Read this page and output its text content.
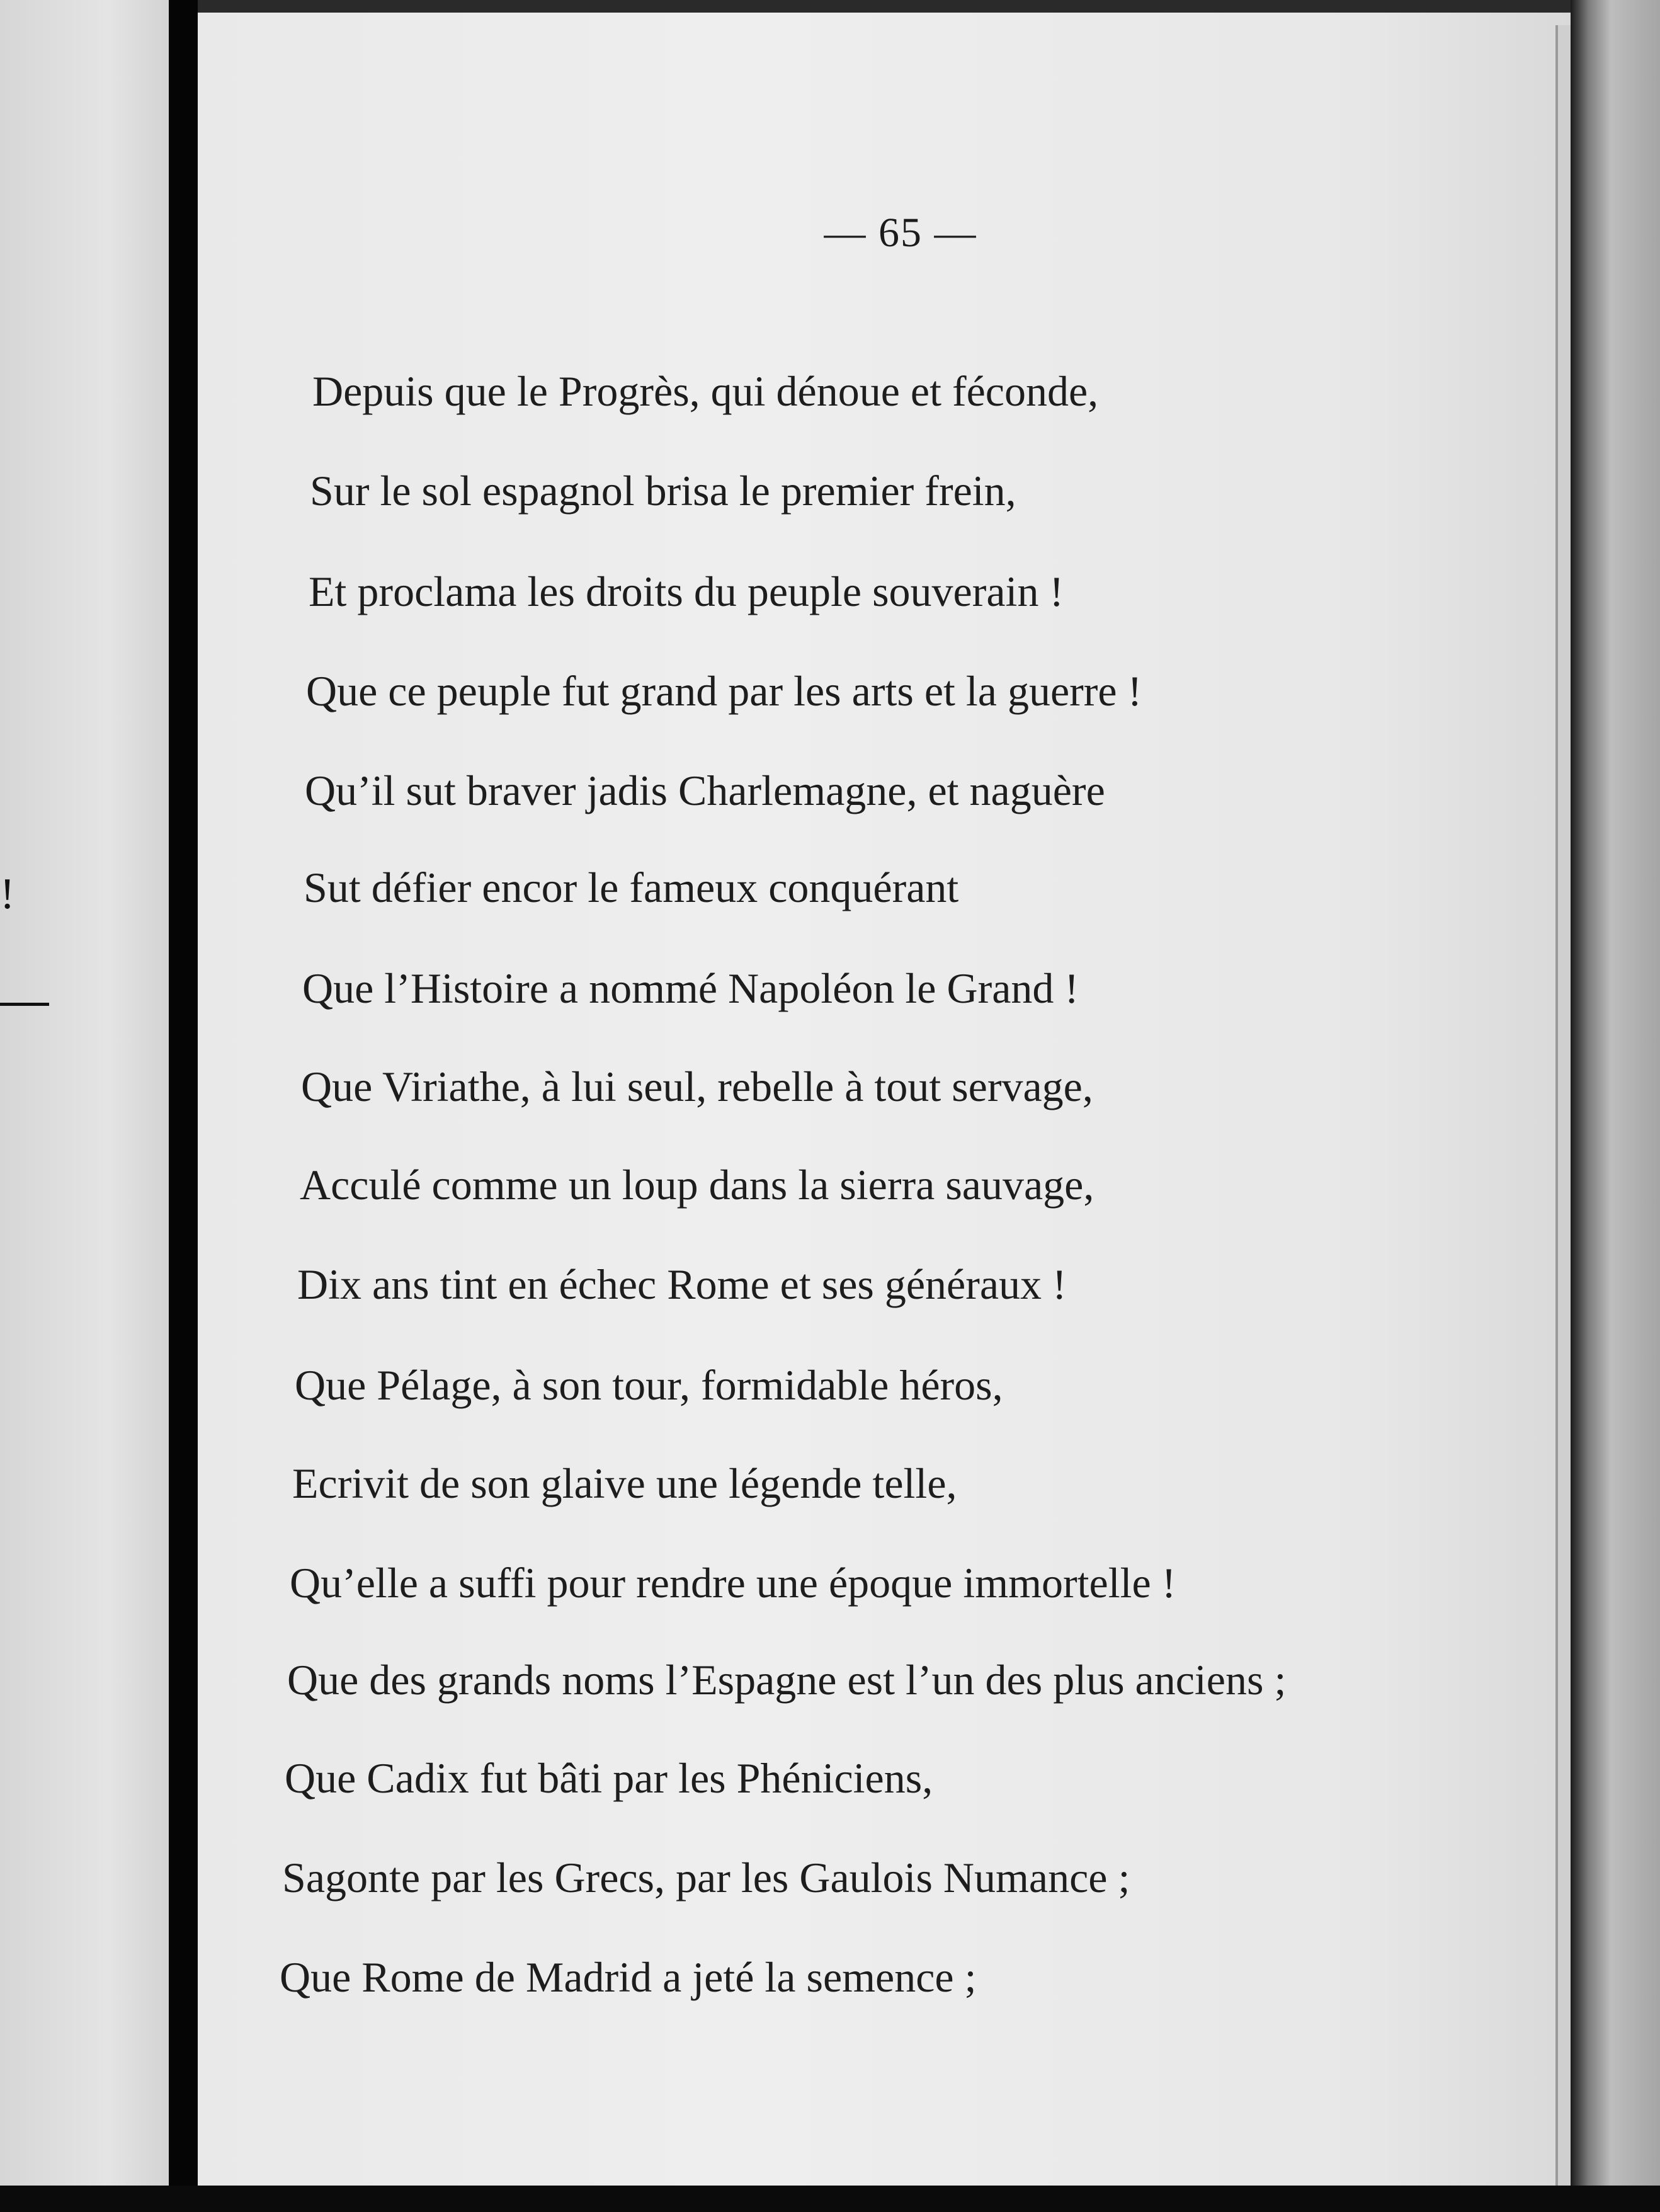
!
— 65 —
Depuis que le Progrès, qui dénoue et féconde,
Sur le sol espagnol brisa le premier frein,
Et proclama les droits du peuple souverain !
Que ce peuple fut grand par les arts et la guerre !
Qu’il sut braver jadis Charlemagne, et naguère
Sut défier encor le fameux conquérant
Que l’Histoire a nommé Napoléon le Grand !
Que Viriathe, à lui seul, rebelle à tout servage,
Acculé comme un loup dans la sierra sauvage,
Dix ans tint en échec Rome et ses généraux !
Que Pélage, à son tour, formidable héros,
Ecrivit de son glaive une légende telle,
Qu’elle a suffi pour rendre une époque immortelle !
Que des grands noms l’Espagne est l’un des plus anciens ;
Que Cadix fut bâti par les Phéniciens,
Sagonte par les Grecs, par les Gaulois Numance ;
Que Rome de Madrid a jeté la semence ;
